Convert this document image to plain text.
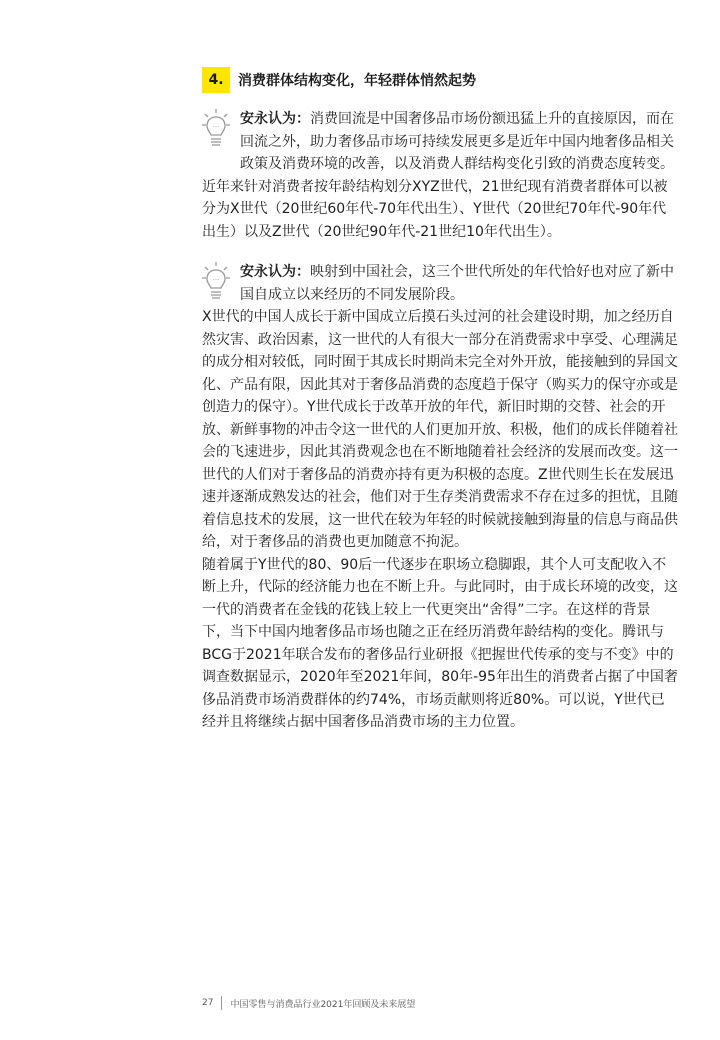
4.	消费群体结构变化，年轻群体悄然起势
··· 安永认为：消费回流是中国奢侈品市场份额迅猛上升的直接原因，而在回流之外，助力奢侈品市场可持续发展更多是近年中国内地奢侈品相关政策及消费环境的改善，以及消费人群结构变化引致的消费态度转变。

近年来针对消费者按年龄结构划分XYZ世代，21世纪现有消费者群体可以被分为X世代（20世纪60年代-70年代出生）、Y世代（20世纪70年代-90年代出生）以及Z世代（20世纪90年代-21世纪10年代出生）。

··· 安永认为：映射到中国社会，这三个世代所处的年代恰好也对应了新中国自成立以来经历的不同发展阶段。

X世代的中国人成长于新中国成立后摸石头过河的社会建设时期，加之经历自然灾害、政治因素，这一世代的人有很大一部分在消费需求中享受、心理满足的成分相对较低，同时囿于其成长时期尚未完全对外开放，能接触到的异国文化、产品有限，因此其对于奢侈品消费的态度趋于保守（购买力的保守亦或是创造力的保守）。Y世代成长于改革开放的年代，新旧时期的交替、社会的开放、新鲜事物的冲击令这一世代的人们更加开放、积极，他们的成长伴随着社会的飞速进步，因此其消费观念也在不断地随着社会经济的发展而改变。这一世代的人们对于奢侈品的消费亦持有更为积极的态度。Z世代则生长在发展迅速并逐渐成熟发达的社会，他们对于生存类消费需求不存在过多的担忧，且随着信息技术的发展，这一世代在较为年轻的时候就接触到海量的信息与商品供给，对于奢侈品的消费也更加随意不拘泥。

随着属于Y世代的80、90后一代逐步在职场立稳脚跟，其个人可支配收入不断上升，代际的经济能力也在不断上升。与此同时，由于成长环境的改变，这一代的消费者在金钱的花钱上较上一代更突出“舍得”二字。在这样的背景下，当下中国内地奢侈品市场也随之正在经历消费年龄结构的变化。腾讯与BCG于2021年联合发布的奢侈品行业研报《把握世代传承的变与不变》中的调查数据显示，2020年至2021年间，80年-95年出生的消费者占据了中国奢侈品消费市场消费群体的约74%，市场贡献则将近80%。可以说，Y世代已经并且将继续占据中国奢侈品消费市场的主力位置。

27 中国零售与消费品行业2021年回顾及未来展望
